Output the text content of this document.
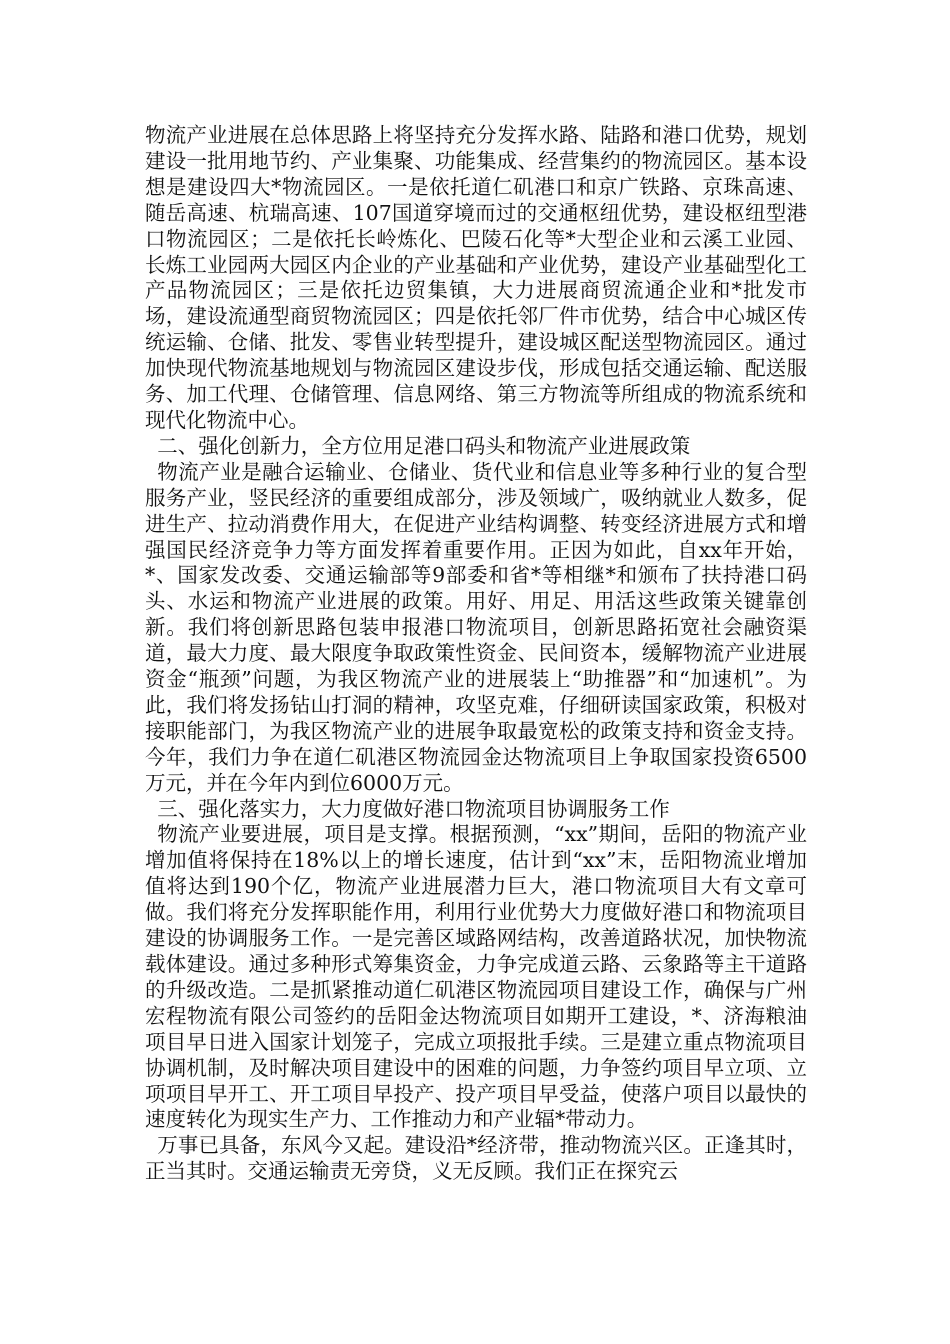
物流产业进展在总体思路上将坚持充分发挥水路、陆路和港口优势，规划建设一批用地节约、产业集聚、功能集成、经营集约的物流园区。基本设想是建设四大*物流园区。一是依托道仁矶港口和京广铁路、京珠高速、随岳高速、杭瑞高速、107国道穿境而过的交通枢纽优势，建设枢纽型港口物流园区；二是依托长岭炼化、巴陵石化等*大型企业和云溪工业园、长炼工业园两大园区内企业的产业基础和产业优势，建设产业基础型化工产品物流园区；三是依托边贸集镇，大力进展商贸流通企业和*批发市场，建设流通型商贸物流园区；四是依托邻厂件市优势，结合中心城区传统运输、仓储、批发、零售业转型提升，建设城区配送型物流园区。通过加快现代物流基地规划与物流园区建设步伐，形成包括交通运输、配送服务、加工代理、仓储管理、信息网络、第三方物流等所组成的物流系统和现代化物流中心。

二、强化创新力，全方位用足港口码头和物流产业进展政策

物流产业是融合运输业、仓储业、货代业和信息业等多种行业的复合型服务产业，竖民经济的重要组成部分，涉及领域广，吸纳就业人数多，促进生产、拉动消费作用大，在促进产业结构调整、转变经济进展方式和增强国民经济竞争力等方面发挥着重要作用。正因为如此，自xx年开始，*、国家发改委、交通运输部等9部委和省*等相继*和颁布了扶持港口码头、水运和物流产业进展的政策。用好、用足、用活这些政策关键靠创新。我们将创新思路包装申报港口物流项目，创新思路拓宽社会融资渠道，最大力度、最大限度争取政策性资金、民间资本，缓解物流产业进展资金“瓶颈”问题，为我区物流产业的进展装上“助推器”和“加速机”。为此，我们将发扬钻山打洞的精神，攻坚克难，仔细研读国家政策，积极对接职能部门，为我区物流产业的进展争取最宽松的政策支持和资金支持。今年，我们力争在道仁矶港区物流园金达物流项目上争取国家投资6500万元，并在今年内到位6000万元。

三、强化落实力，大力度做好港口物流项目协调服务工作

物流产业要进展，项目是支撑。根据预测，“xx”期间，岳阳的物流产业增加值将保持在18%以上的增长速度，估计到“xx”末，岳阳物流业增加值将达到190个亿，物流产业进展潜力巨大，港口物流项目大有文章可做。我们将充分发挥职能作用，利用行业优势大力度做好港口和物流项目建设的协调服务工作。一是完善区域路网结构，改善道路状况，加快物流载体建设。通过多种形式筹集资金，力争完成道云路、云象路等主干道路的升级改造。二是抓紧推动道仁矶港区物流园项目建设工作，确保与广州宏程物流有限公司签约的岳阳金达物流项目如期开工建设，*、济海粮油项目早日进入国家计划笼子，完成立项报批手续。三是建立重点物流项目协调机制，及时解决项目建设中的困难的问题，力争签约项目早立项、立项项目早开工、开工项目早投产、投产项目早受益，使落户项目以最快的速度转化为现实生产力、工作推动力和产业辐*带动力。

万事已具备，东风今又起。建设沿*经济带，推动物流兴区。正逢其时，正当其时。交通运输责无旁贷，义无反顾。我们正在探究云
